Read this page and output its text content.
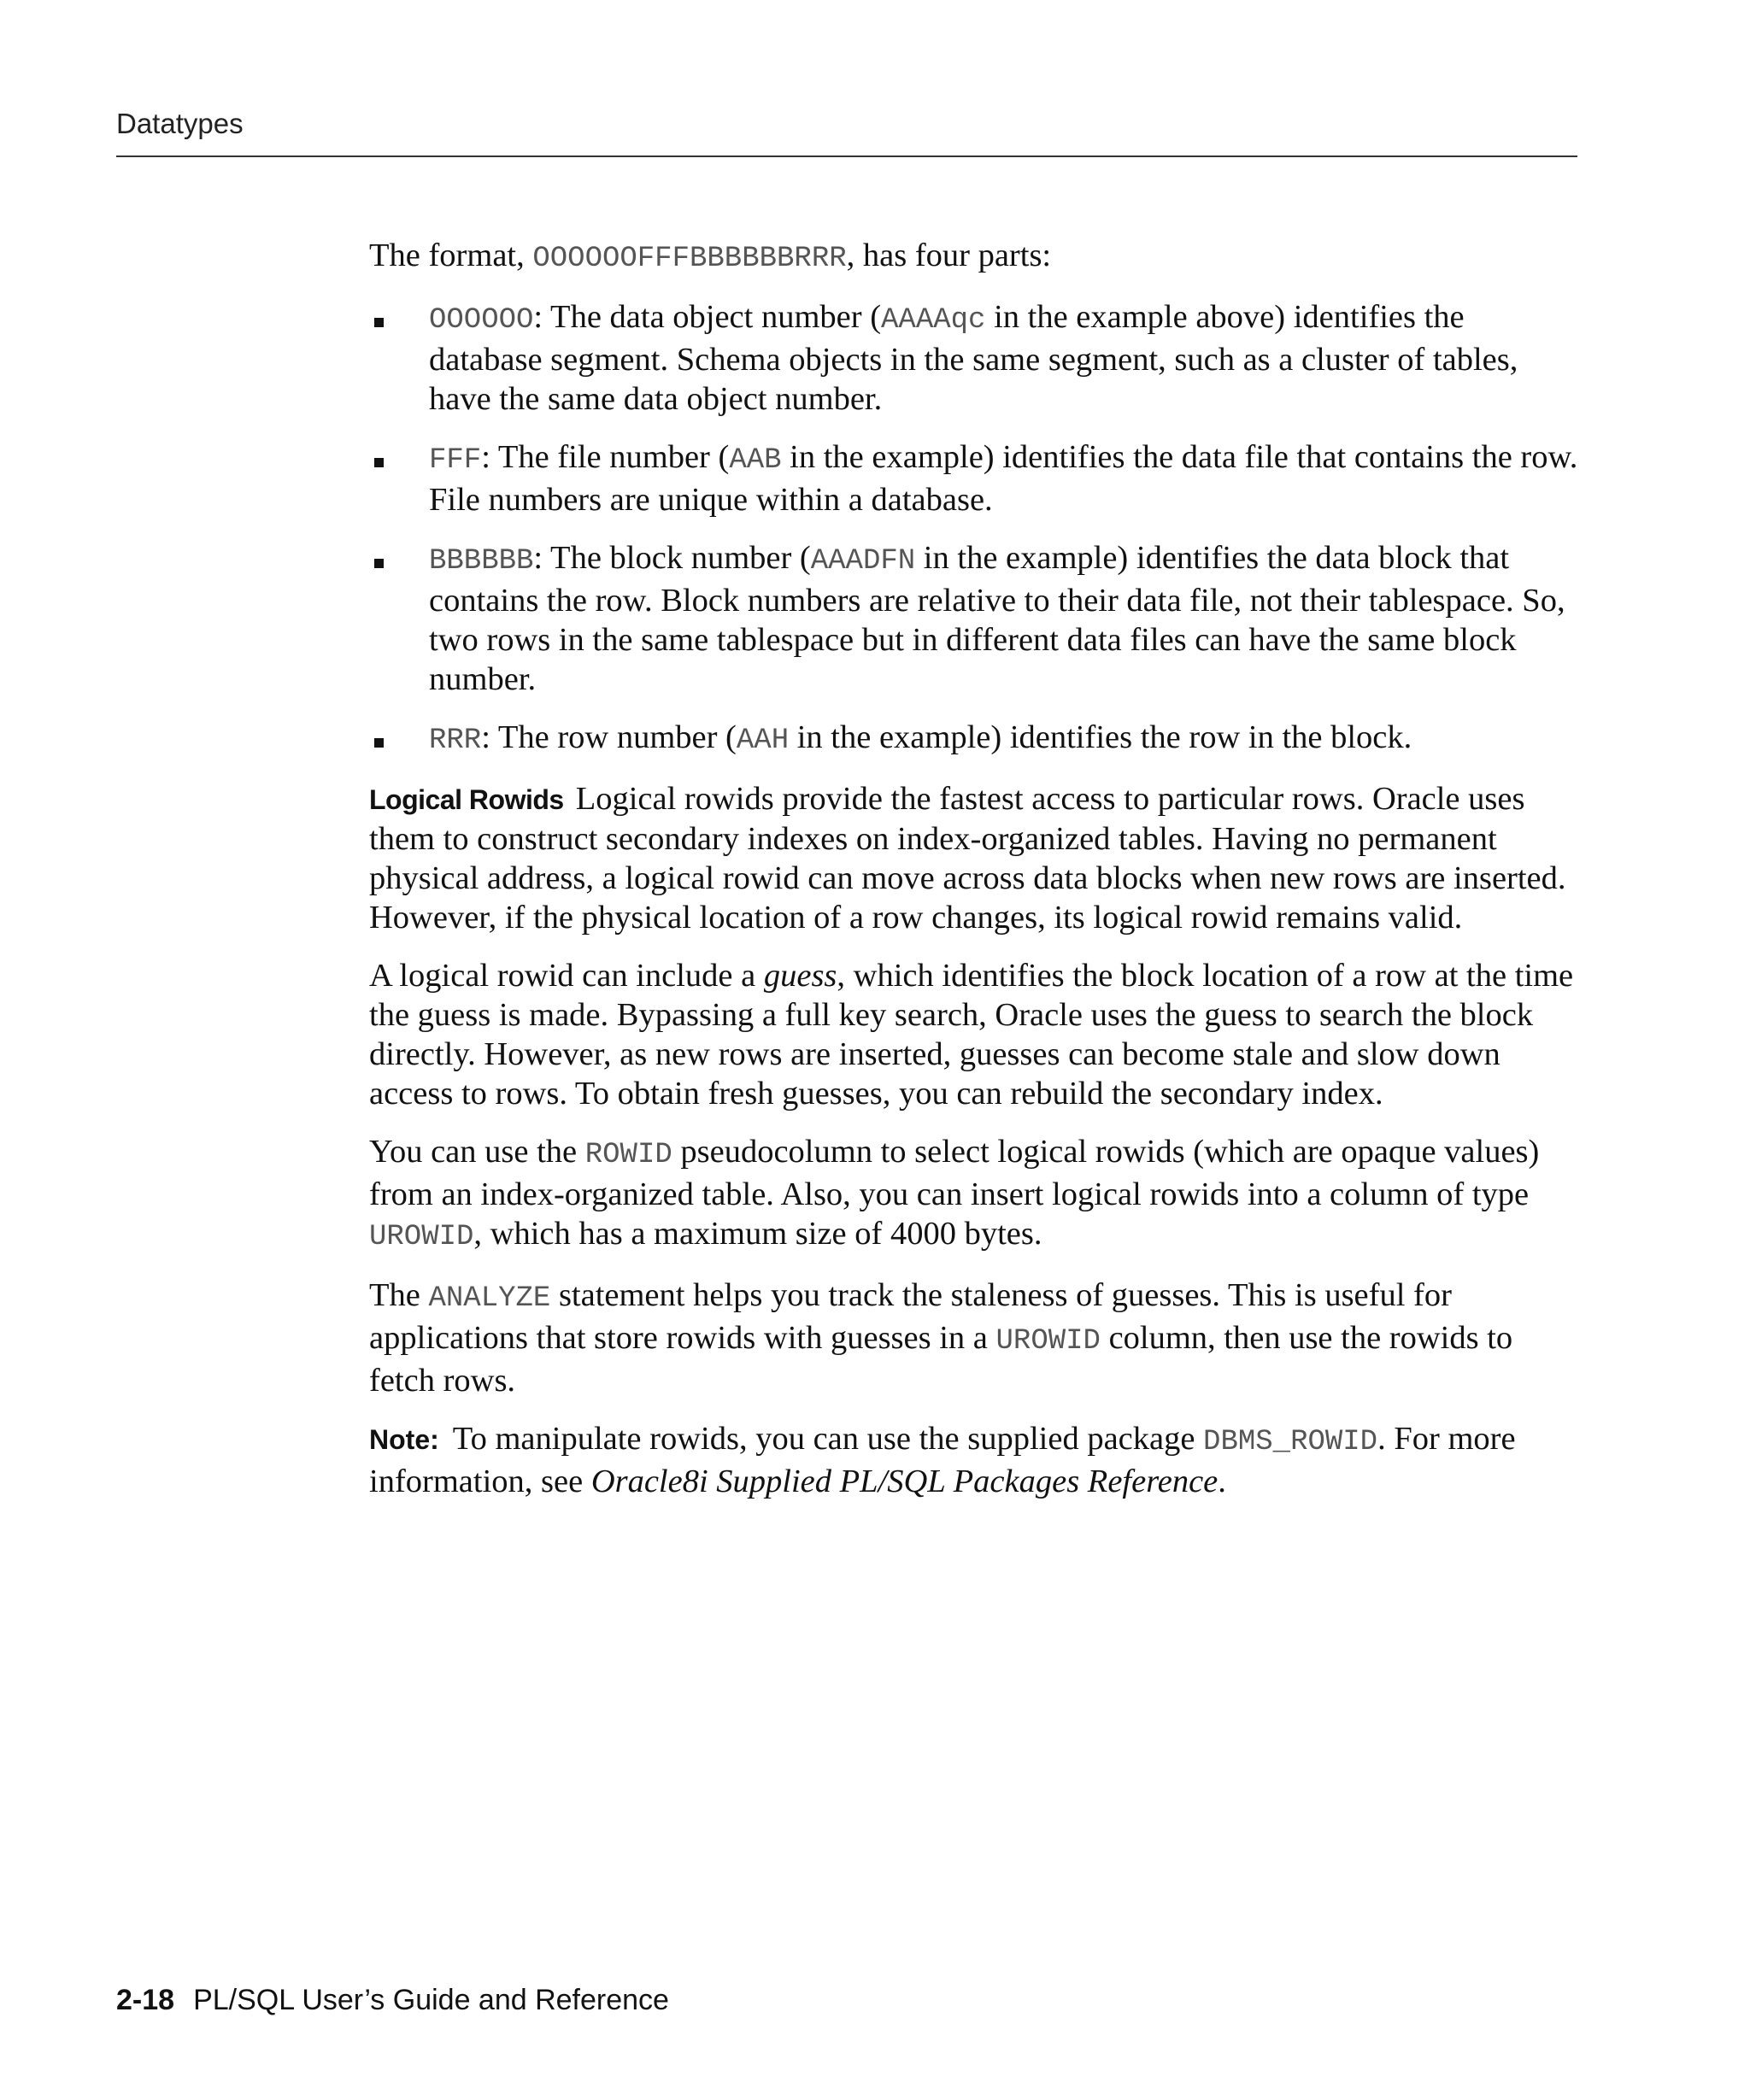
Datatypes

The format, OOOOOOFFFBBBBBBRRR, has four parts:

OOOOOO: The data object number (AAAAqc in the example above) identifies the database segment. Schema objects in the same segment, such as a cluster of tables, have the same data object number.
FFF: The file number (AAB in the example) identifies the data file that contains the row. File numbers are unique within a database.
BBBBBB: The block number (AAADFN in the example) identifies the data block that contains the row. Block numbers are relative to their data file, not their tablespace. So, two rows in the same tablespace but in different data files can have the same block number.
RRR: The row number (AAH in the example) identifies the row in the block.

Logical Rowids Logical rowids provide the fastest access to particular rows. Oracle uses them to construct secondary indexes on index-organized tables. Having no permanent physical address, a logical rowid can move across data blocks when new rows are inserted. However, if the physical location of a row changes, its logical rowid remains valid.

A logical rowid can include a guess, which identifies the block location of a row at the time the guess is made. Bypassing a full key search, Oracle uses the guess to search the block directly. However, as new rows are inserted, guesses can become stale and slow down access to rows. To obtain fresh guesses, you can rebuild the secondary index.

You can use the ROWID pseudocolumn to select logical rowids (which are opaque values) from an index-organized table. Also, you can insert logical rowids into a column of type UROWID, which has a maximum size of 4000 bytes.

The ANALYZE statement helps you track the staleness of guesses. This is useful for applications that store rowids with guesses in a UROWID column, then use the rowids to fetch rows.

Note: To manipulate rowids, you can use the supplied package DBMS_ROWID. For more information, see Oracle8i Supplied PL/SQL Packages Reference.

2-18 PL/SQL User’s Guide and Reference
